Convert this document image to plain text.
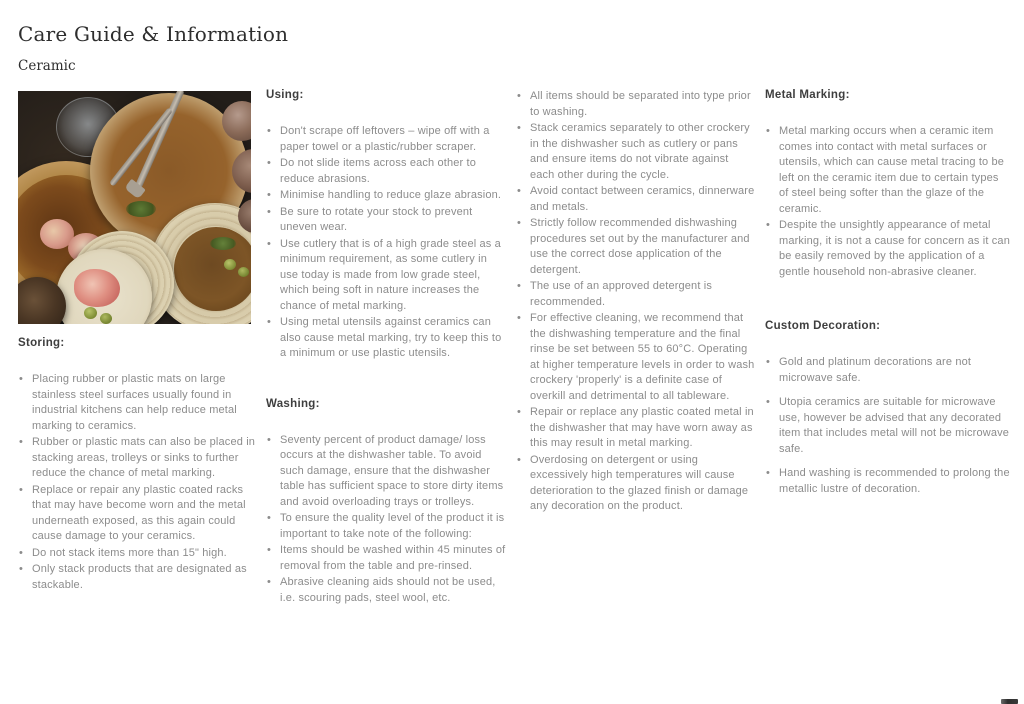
Care Guide & Information
Ceramic
Storing:
• Placing rubber or plastic mats on large stainless steel surfaces usually found in industrial kitchens can help reduce metal marking to ceramics.
• Rubber or plastic mats can also be placed in stacking areas, trolleys or sinks to further reduce the chance of metal marking.
• Replace or repair any plastic coated racks that may have become worn and the metal underneath exposed, as this again could cause damage to your ceramics.
• Do not stack items more than 15" high.
• Only stack products that are designated as stackable.
Using:
• Don't scrape off leftovers – wipe off with a paper towel or a plastic/rubber scraper.
• Do not slide items across each other to reduce abrasions.
• Minimise handling to reduce glaze abrasion.
• Be sure to rotate your stock to prevent uneven wear.
• Use cutlery that is of a high grade steel as a minimum requirement, as some cutlery in use today is made from low grade steel, which being soft in nature increases the chance of metal marking.
• Using metal utensils against ceramics can also cause metal marking, try to keep this to a minimum or use plastic utensils.
Washing:
• Seventy percent of product damage/ loss occurs at the dishwasher table. To avoid such damage, ensure that the dishwasher table has sufficient space to store dirty items and avoid overloading trays or trolleys.
• To ensure the quality level of the product it is important to take note of the following:
• Items should be washed within 45 minutes of removal from the table and pre-rinsed.
• Abrasive cleaning aids should not be used, i.e. scouring pads, steel wool, etc.
• All items should be separated into type prior to washing.
• Stack ceramics separately to other crockery in the dishwasher such as cutlery or pans and ensure items do not vibrate against each other during the cycle.
• Avoid contact between ceramics, dinnerware and metals.
• Strictly follow recommended dishwashing procedures set out by the manufacturer and use the correct dose application of the detergent.
• The use of an approved detergent is recommended.
• For effective cleaning, we recommend that the dishwashing temperature and the final rinse be set between 55 to 60°C. Operating at higher temperature levels in order to wash crockery 'properly' is a definite case of overkill and detrimental to all tableware.
• Repair or replace any plastic coated metal in the dishwasher that may have worn away as this may result in metal marking.
• Overdosing on detergent or using excessively high temperatures will cause deterioration to the glazed finish or damage any decoration on the product.
Metal Marking:
• Metal marking occurs when a ceramic item comes into contact with metal surfaces or utensils, which can cause metal tracing to be left on the ceramic item due to certain types of steel being softer than the glaze of the ceramic.
• Despite the unsightly appearance of metal marking, it is not a cause for concern as it can be easily removed by the application of a gentle household non-abrasive cleaner.
Custom Decoration:
• Gold and platinum decorations are not microwave safe.
• Utopia ceramics are suitable for microwave use, however be advised that any decorated item that includes metal will not be microwave safe.
• Hand washing is recommended to prolong the metallic lustre of decoration.
